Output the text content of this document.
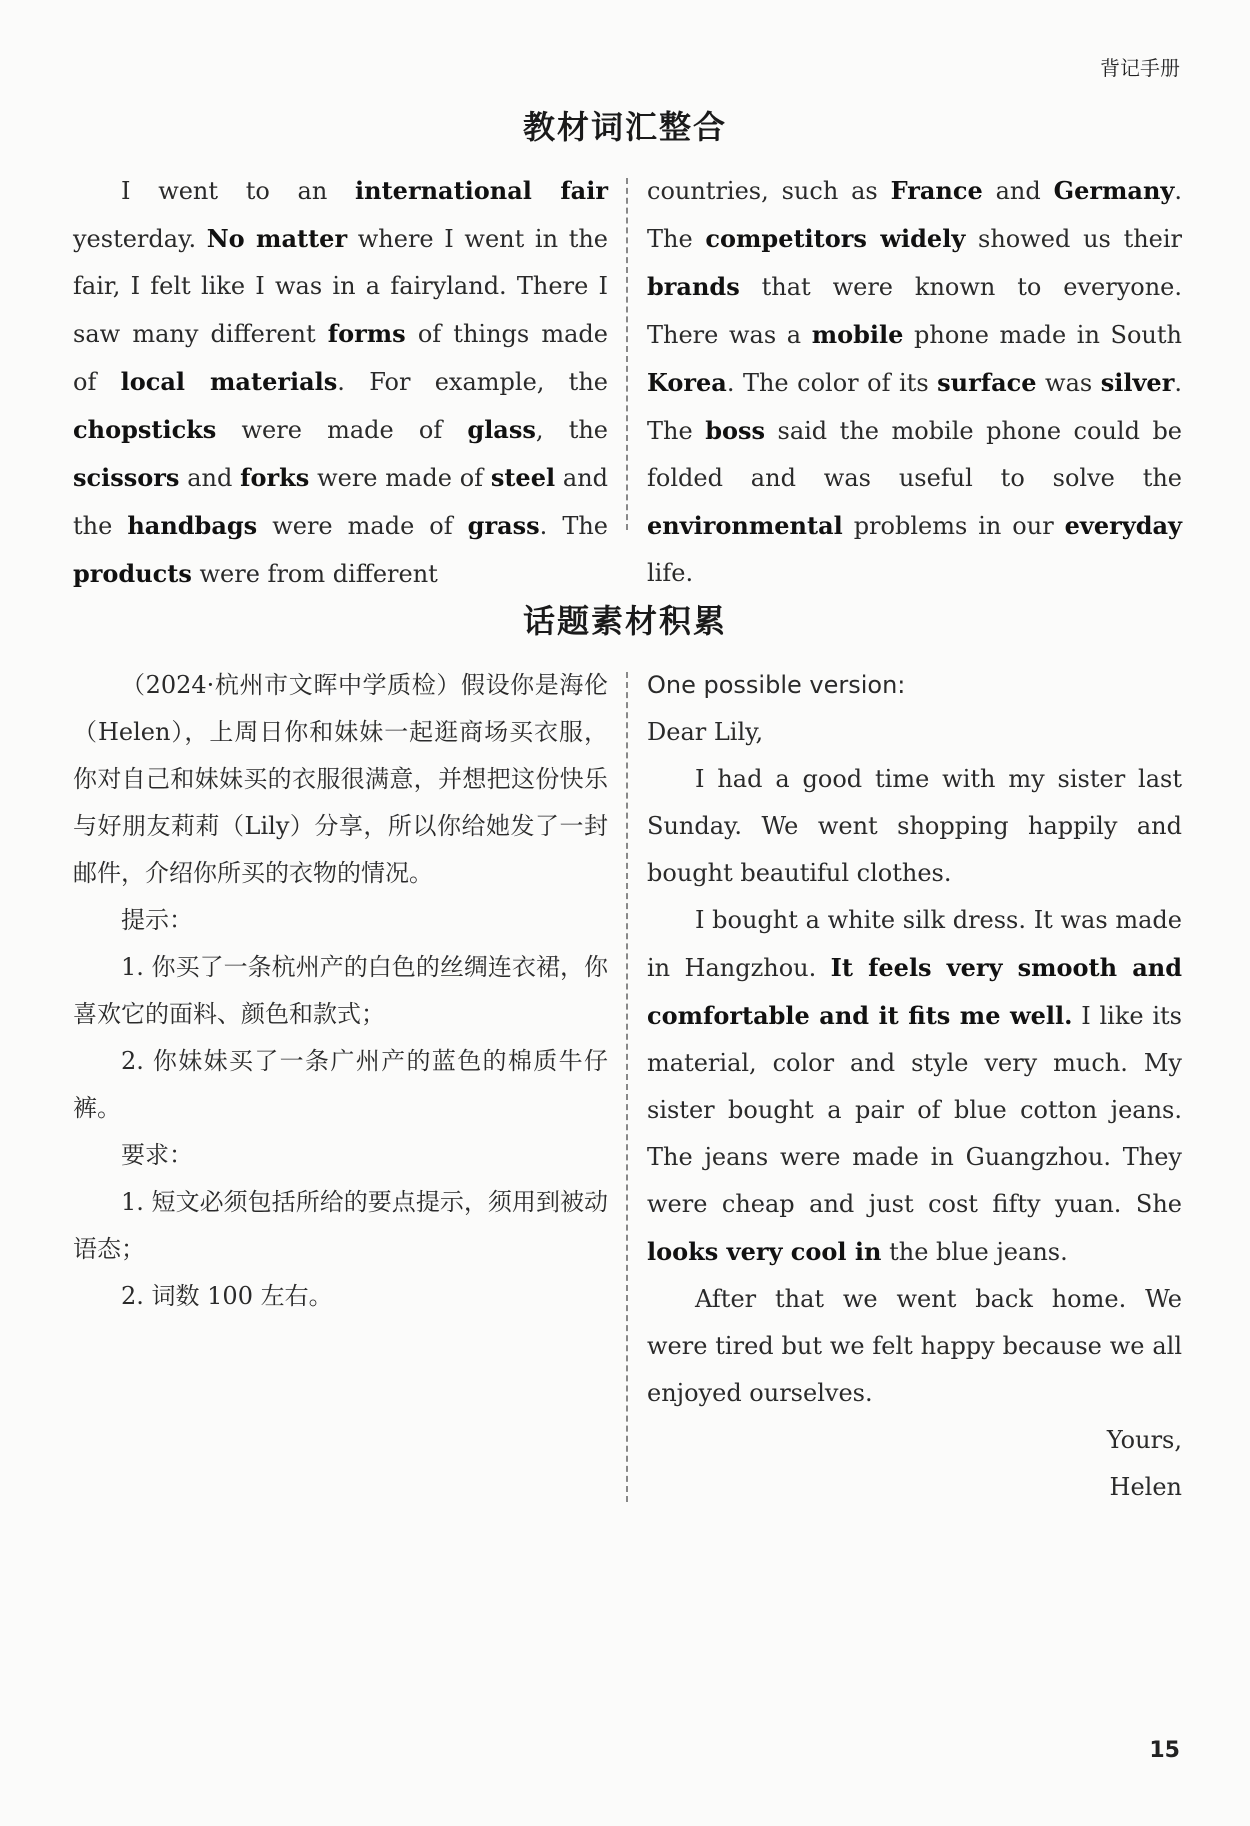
背记手册
教材词汇整合

I went to an international fair yesterday. No matter where I went in the fair, I felt like I was in a fairyland. There I saw many different forms of things made of local materials. For example, the chopsticks were made of glass, the scissors and forks were made of steel and the handbags were made of grass. The products were from different

countries, such as France and Germany. The competitors widely showed us their brands that were known to everyone. There was a mobile phone made in South Korea. The color of its surface was silver. The boss said the mobile phone could be folded and was useful to solve the environmental problems in our everyday life.

话题素材积累

（2024·杭州市文晖中学质检）假设你是海伦（Helen），上周日你和妹妹一起逛商场买衣服，你对自己和妹妹买的衣服很满意，并想把这份快乐与好朋友莉莉（Lily）分享，所以你给她发了一封邮件，介绍你所买的衣物的情况。

提示：

1. 你买了一条杭州产的白色的丝绸连衣裙，你喜欢它的面料、颜色和款式；

2. 你妹妹买了一条广州产的蓝色的棉质牛仔裤。

要求：

1. 短文必须包括所给的要点提示，须用到被动语态；

2. 词数 100 左右。

One possible version:

Dear Lily,

I had a good time with my sister last Sunday. We went shopping happily and bought beautiful clothes.

I bought a white silk dress. It was made in Hangzhou. It feels very smooth and comfortable and it fits me well. I like its material, color and style very much. My sister bought a pair of blue cotton jeans. The jeans were made in Guangzhou. They were cheap and just cost fifty yuan. She looks very cool in the blue jeans.

After that we went back home. We were tired but we felt happy because we all enjoyed ourselves.

Yours,

Helen

15
